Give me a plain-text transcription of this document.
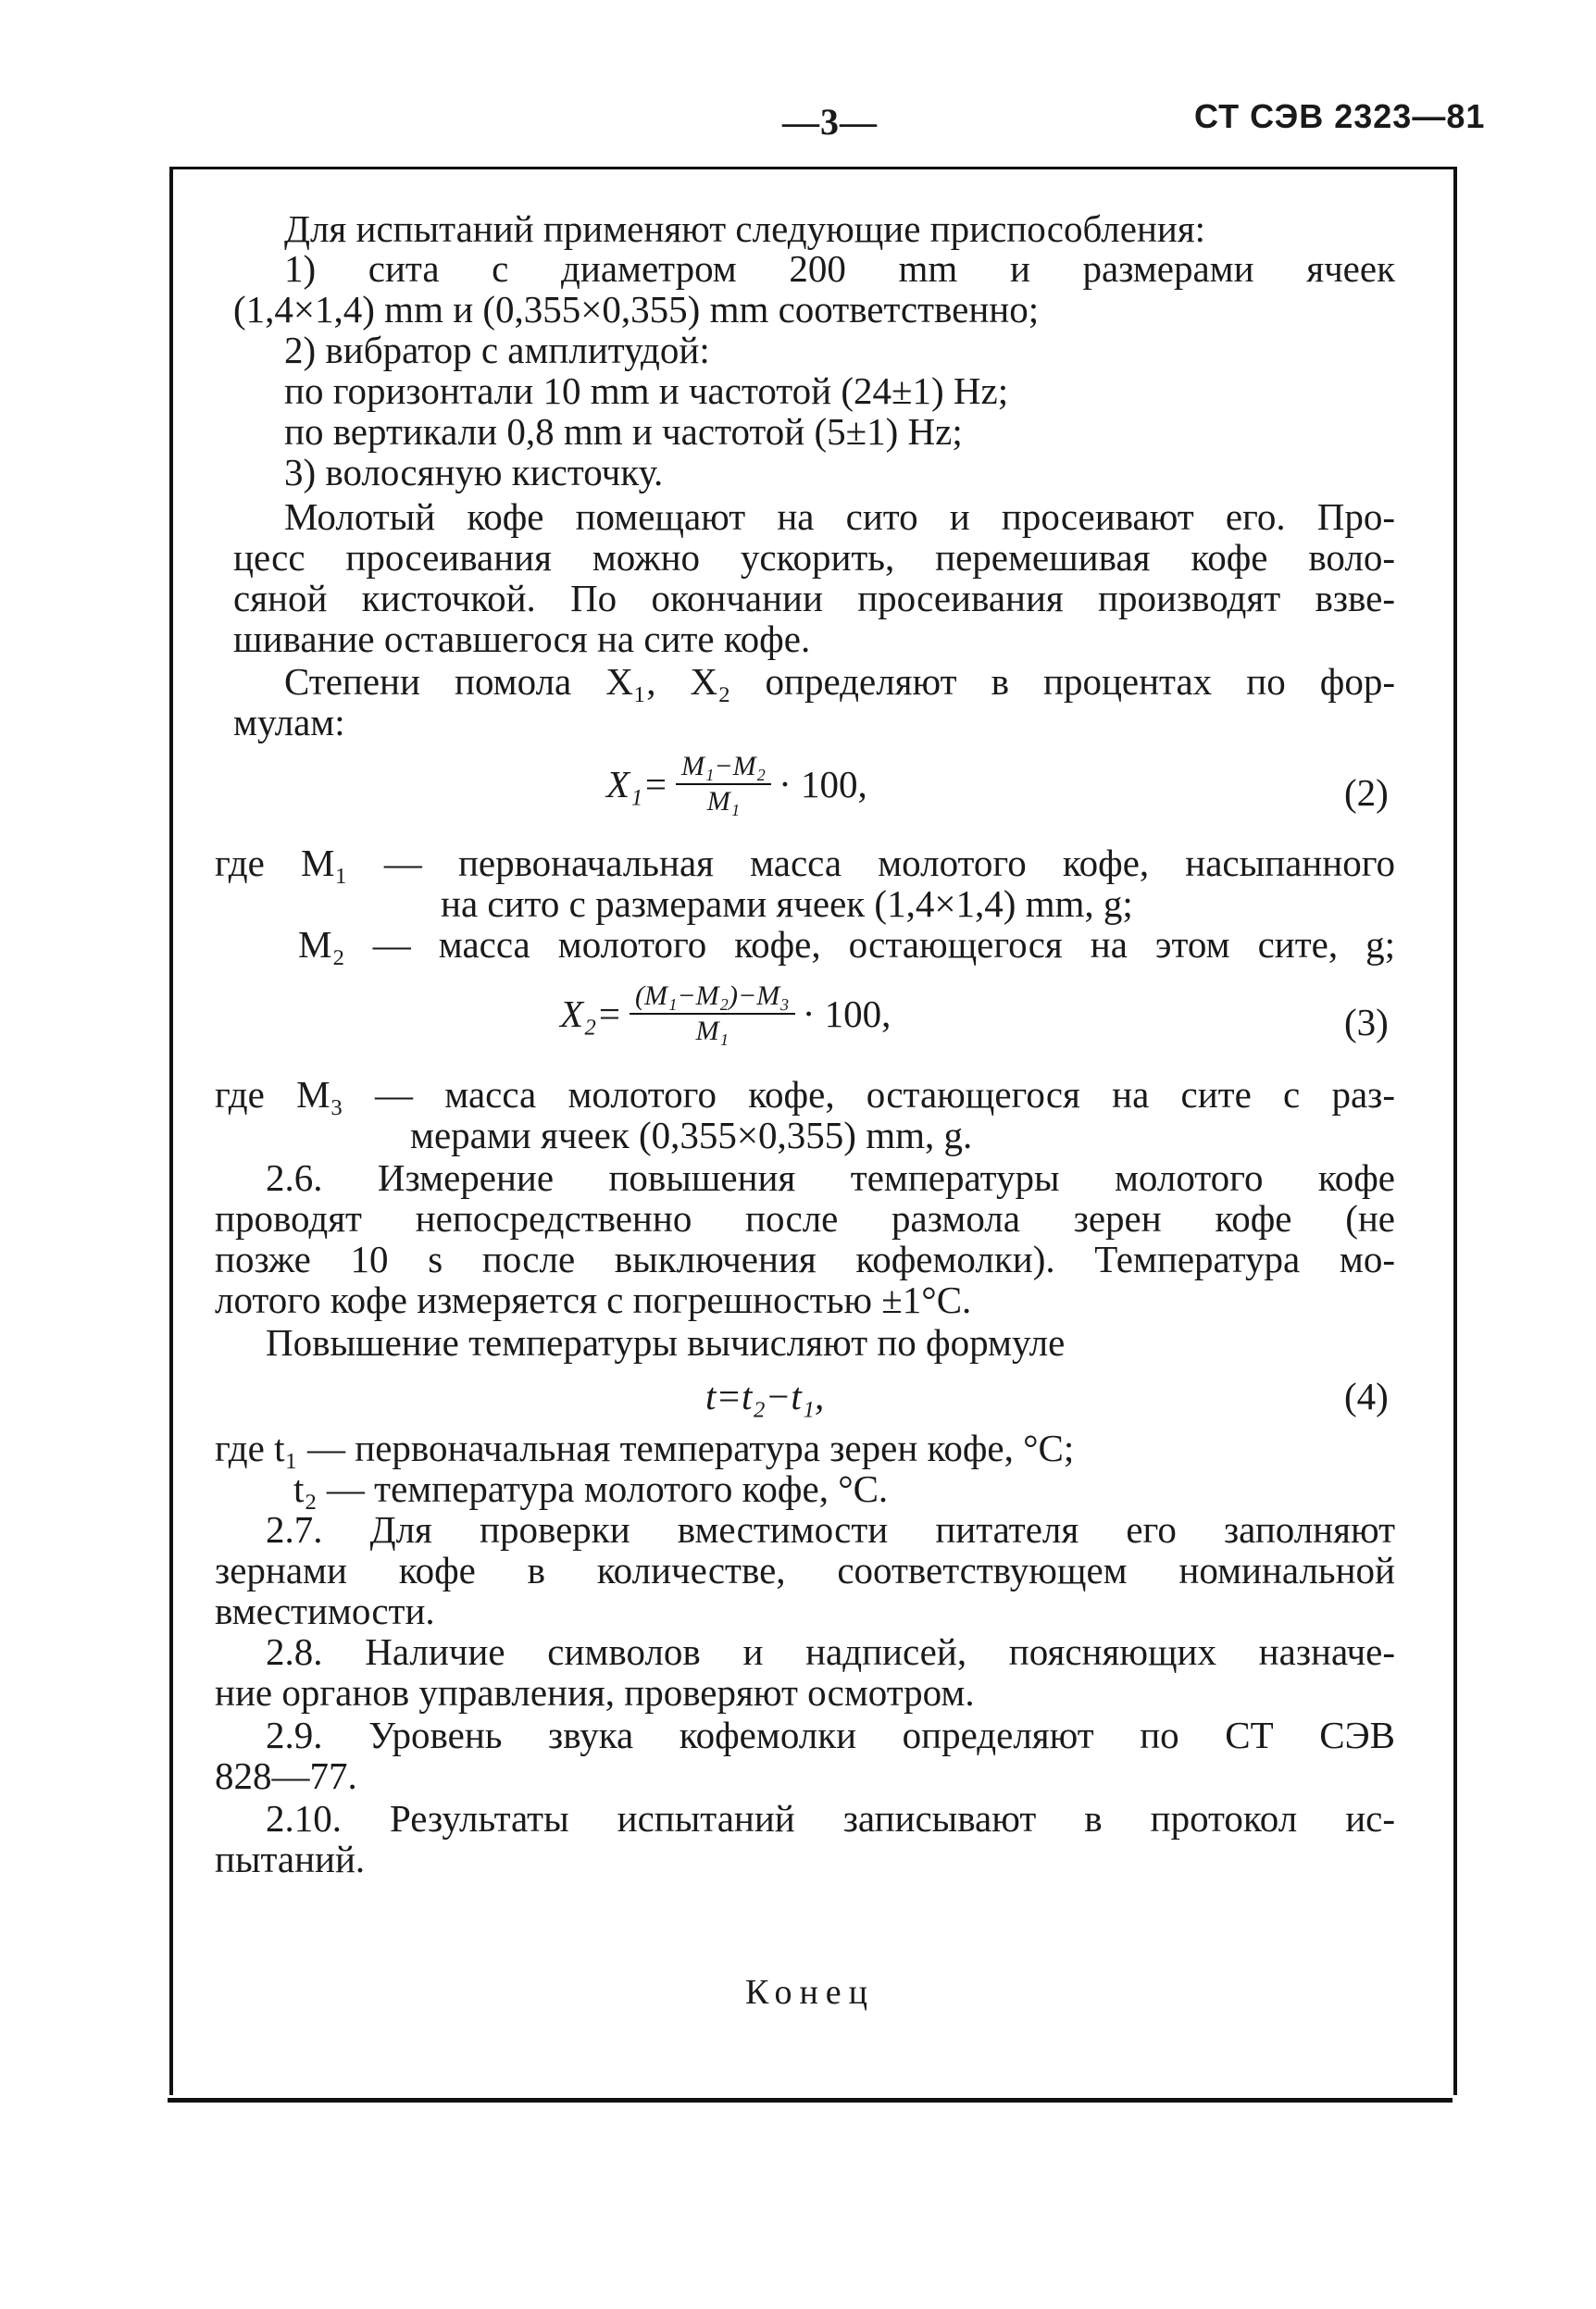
—3—	СТ СЭВ 2323—81
Для испытаний применяют следующие приспособления:
1) сита с диаметром 200 mm и размерами ячеек
(1,4×1,4) mm и (0,355×0,355) mm соответственно;
2) вибратор с амплитудой:
по горизонтали 10 mm и частотой (24±1) Hz;
по вертикали 0,8 mm и частотой (5±1) Hz;
3) волосяную кисточку.
Молотый кофе помещают на сито и просеивают его. Про-
цесс просеивания можно ускорить, перемешивая кофе воло-
сяной кисточкой. По окончании просеивания производят взве-
шивание оставшегося на сите кофе.
Степени помола X₁, X₂ определяют в процентах по фор-
мулам:
$X_1= \frac{\text{M₁−M₂}}{\text{M₁}} \cdot 100$,	(2)
где M₁ — первоначальная масса молотого кофе, насыпанного
на сито с размерами ячеек (1,4×1,4) mm, g;
M₂ — масса молотого кофе, остающегося на этом сите, g;
$X_2= \frac{\text{(M₁−M₂)−M₃}}{\text{M₁}} \cdot 100$,	(3)
где M₃ — масса молотого кофе, остающегося на сите с раз-
мерами ячеек (0,355×0,355) mm, g.
2.6. Измерение повышения температуры молотого кофе
проводят непосредственно после размола зерен кофе (не
позже 10 s после выключения кофемолки). Температура мо-
лотого кофе измеряется с погрешностью ±1°C.
Повышение температуры вычисляют по формуле
t=t₂−t₁,	(4)
где t₁ — первоначальная температура зерен кофе, °C;
t₂ — температура молотого кофе, °C.
2.7. Для проверки вместимости питателя его заполняют
зернами кофе в количестве, соответствующем номинальной
вместимости.
2.8. Наличие символов и надписей, поясняющих назначе-
ние органов управления, проверяют осмотром.
2.9. Уровень звука кофемолки определяют по СТ СЭВ
828—77.
2.10. Результаты испытаний записывают в протокол ис-
пытаний.
Конец
